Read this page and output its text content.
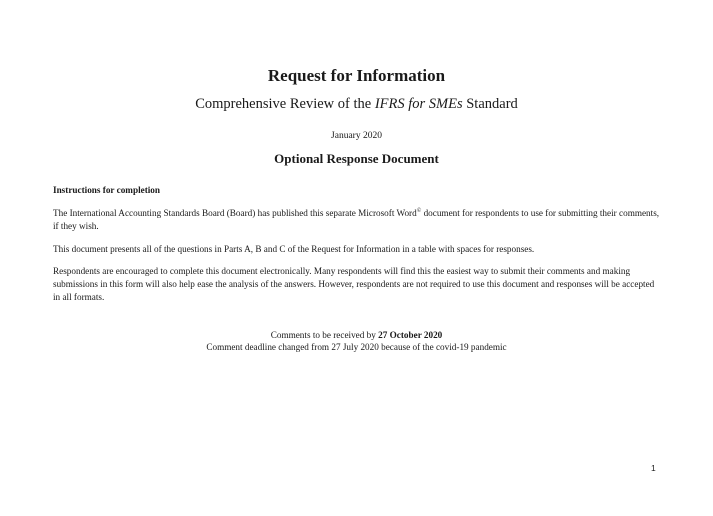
Request for Information

Comprehensive Review of the IFRS for SMEs Standard

January 2020

Optional Response Document

Instructions for completion

The International Accounting Standards Board (Board) has published this separate Microsoft Word© document for respondents to use for submitting their comments, if they wish.

This document presents all of the questions in Parts A, B and C of the Request for Information in a table with spaces for responses.

Respondents are encouraged to complete this document electronically. Many respondents will find this the easiest way to submit their comments and making submissions in this form will also help ease the analysis of the answers. However, respondents are not required to use this document and responses will be accepted in all formats.

Comments to be received by 27 October 2020

Comment deadline changed from 27 July 2020 because of the covid-19 pandemic

1
